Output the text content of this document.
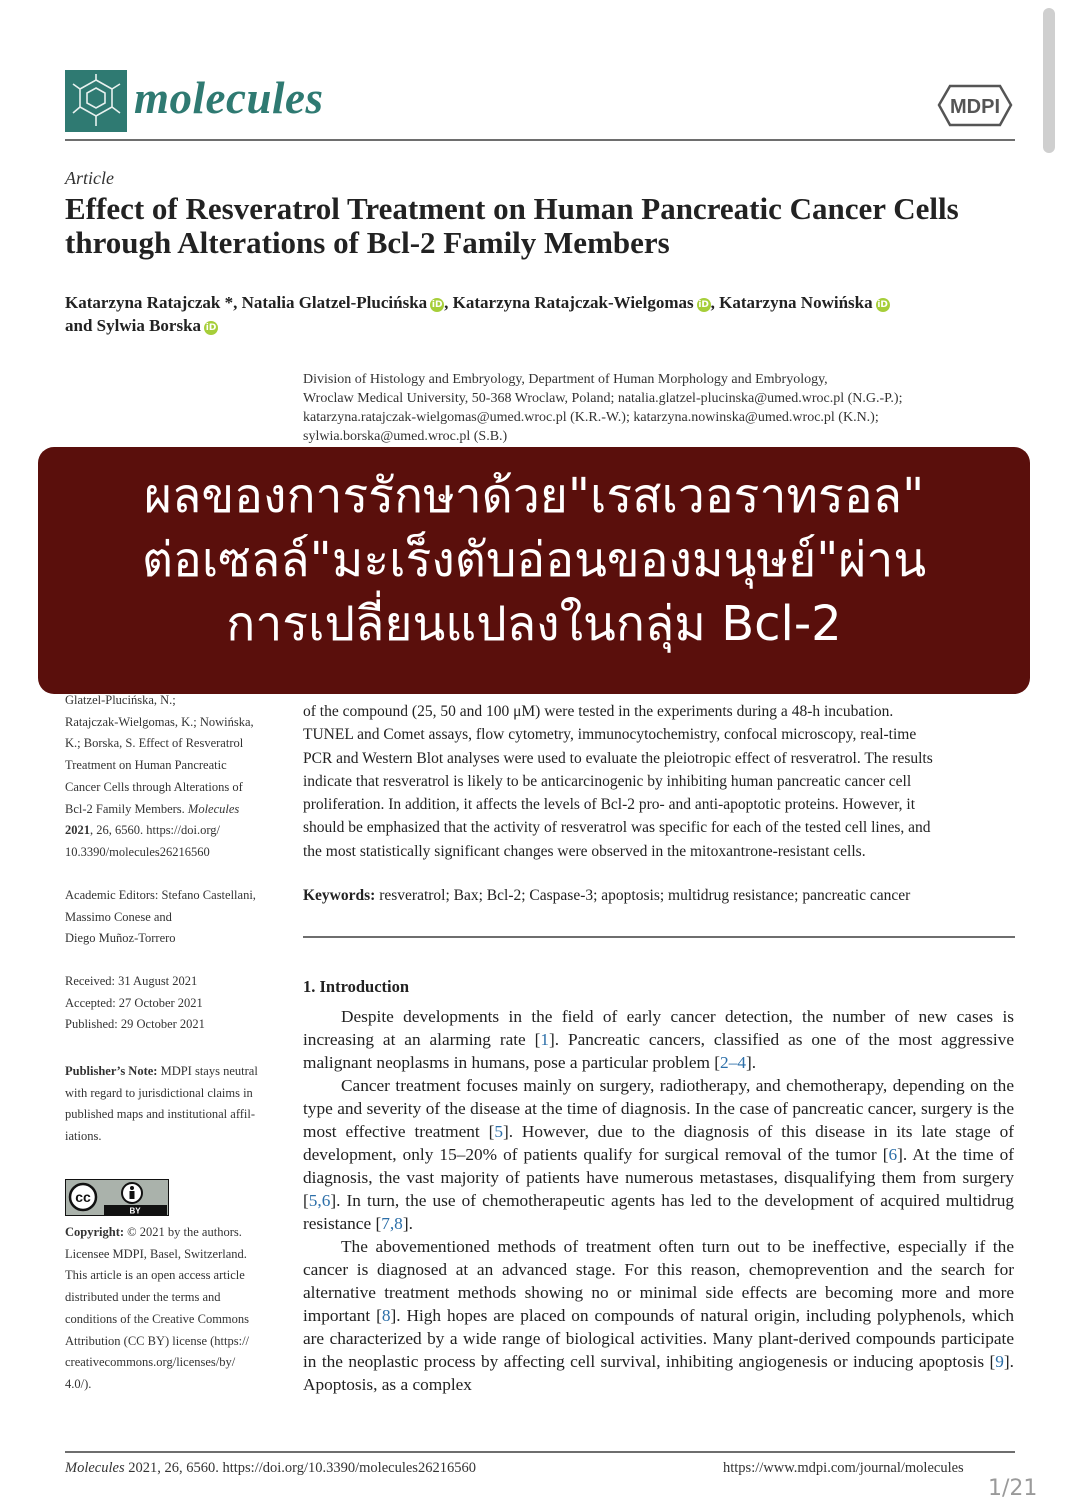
molecules	MDPI
Article
Effect of Resveratrol Treatment on Human Pancreatic Cancer Cells through Alterations of Bcl-2 Family Members
Katarzyna Ratajczak *, Natalia Glatzel-Plucińska iD , Katarzyna Ratajczak-Wielgomas iD , Katarzyna Nowińska iD
and Sylwia Borska iD
Division of Histology and Embryology, Department of Human Morphology and Embryology,
Wroclaw Medical University, 50-368 Wroclaw, Poland; natalia.glatzel-plucinska@umed.wroc.pl (N.G.-P.);
katarzyna.ratajczak-wielgomas@umed.wroc.pl (K.R.-W.); katarzyna.nowinska@umed.wroc.pl (K.N.);
sylwia.borska@umed.wroc.pl (S.B.)
ผลของการรักษาด้วย"เรสเวอราทรอล"
ต่อเซลล์"มะเร็งตับอ่อนของมนุษย์"ผ่าน
การเปลี่ยนแปลงในกลุ่ม Bcl-2
Glatzel-Plucińska, N.;
Ratajczak-Wielgomas, K.; Nowińska,
K.; Borska, S. Effect of Resveratrol
Treatment on Human Pancreatic
Cancer Cells through Alterations of
Bcl-2 Family Members. Molecules
2021, 26, 6560. https://doi.org/
10.3390/molecules26216560
Academic Editors: Stefano Castellani,
Massimo Conese and
Diego Muñoz-Torrero
Received: 31 August 2021
Accepted: 27 October 2021
Published: 29 October 2021
Publisher’s Note: MDPI stays neutral
with regard to jurisdictional claims in
published maps and institutional affil-
iations.
cc
BY
Copyright: © 2021 by the authors.
Licensee MDPI, Basel, Switzerland.
This article is an open access article
distributed under the terms and
conditions of the Creative Commons
Attribution (CC BY) license (https://
creativecommons.org/licenses/by/
4.0/).
of the compound (25, 50 and 100 μM) were tested in the experiments during a 48-h incubation.
TUNEL and Comet assays, flow cytometry, immunocytochemistry, confocal microscopy, real-time
PCR and Western Blot analyses were used to evaluate the pleiotropic effect of resveratrol. The results
indicate that resveratrol is likely to be anticarcinogenic by inhibiting human pancreatic cancer cell
proliferation. In addition, it affects the levels of Bcl-2 pro- and anti-apoptotic proteins. However, it
should be emphasized that the activity of resveratrol was specific for each of the tested cell lines, and
the most statistically significant changes were observed in the mitoxantrone-resistant cells.
Keywords: resveratrol; Bax; Bcl-2; Caspase-3; apoptosis; multidrug resistance; pancreatic cancer
1. Introduction

Despite developments in the field of early cancer detection, the number of new cases is increasing at an alarming rate [1]. Pancreatic cancers, classified as one of the most aggressive malignant neoplasms in humans, pose a particular problem [2–4].

Cancer treatment focuses mainly on surgery, radiotherapy, and chemotherapy, depending on the type and severity of the disease at the time of diagnosis. In the case of pancreatic cancer, surgery is the most effective treatment [5]. However, due to the diagnosis of this disease in its late stage of development, only 15–20% of patients qualify for surgical removal of the tumor [6]. At the time of diagnosis, the vast majority of patients have numerous metastases, disqualifying them from surgery [5,6]. In turn, the use of chemotherapeutic agents has led to the development of acquired multidrug resistance [7,8].

The abovementioned methods of treatment often turn out to be ineffective, especially if the cancer is diagnosed at an advanced stage. For this reason, chemoprevention and the search for alternative treatment methods showing no or minimal side effects are becoming more and more important [8]. High hopes are placed on compounds of natural origin, including polyphenols, which are characterized by a wide range of biological activities. Many plant-derived compounds participate in the neoplastic process by affecting cell survival, inhibiting angiogenesis or inducing apoptosis [9]. Apoptosis, as a complex

Molecules 2021, 26, 6560. https://doi.org/10.3390/molecules26216560	https://www.mdpi.com/journal/molecules
1/21
